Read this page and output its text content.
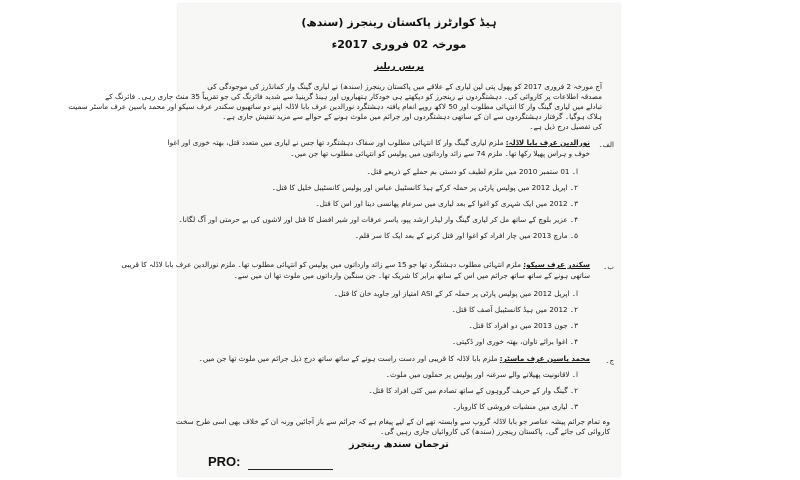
ہیڈ کوارٹرز پاکستان رینجرز (سندھ)
مورخہ 02 فروری 2017ء
پریس ریلیز
آج مورخہ 2 فروری 2017 کو پھول پتی لین لیاری کے علاقے میں پاکستان رینجرز (سندھ) نے لیاری گینگ وار کمانڈرز کی موجودگی کی
مصدقہ اطلاعات پر کاروائی کی۔ دہشتگردوں نے رینجرز کو دیکھتے ہی خودکار ہتھیاروں اور ہینڈ گرینیڈ سے شدید فائرنگ کی جو تقریباً 35 منٹ جاری رہی۔ فائرنگ کے
تبادلے میں لیاری گینگ وار کا انتہائی مطلوب اور 50 لاکھ روپے انعام یافتہ دہشتگرد نورالدین عرف بابا لاڈلہ اپنے دو ساتھیوں سکندر عرف سیکو اور محمد یاسین عرف ماسٹر سمیت
ہلاک ہوگیا۔ گرفتار دہشتگردوں سے ان کے ساتھی دہشتگردوں اور جرائم میں ملوث ہونے کے حوالے سے مزید تفتیش جاری ہے۔
کی تفصیل درج ذیل ہے۔
الف۔
نورالدین عرف بابا لاڈلہ: ملزم لیاری گینگ وار کا انتہائی مطلوب اور سفاک دہشتگرد تھا جس نے لیاری میں متعدد قتل، بھتہ خوری اور اغوا
خوف و ہراس پھیلا رکھا تھا۔ ملزم 74 سے زائد وارداتوں میں پولیس کو انتہائی مطلوب تھا جن میں۔
ا۔ 01 ستمبر 2010 میں ملزم لطیف کو دستی بم حملے کے ذریعے قتل۔
۲۔ اپریل 2012 میں پولیس پارٹی پر حملہ کرکے ہیڈ کانسٹیبل عباس اور پولیس کانسٹیبل خلیل کا قتل۔
۳۔ 2012 میں ایک شہری کو اغوا کے بعد لیاری میں سرعام پھانسی دینا اور اس کا قتل۔
۴۔ عزیر بلوچ کے ساتھ مل کر لیاری گینگ وار لیڈر ارشد پپو، یاسر عرفات اور شیر افضل کا قتل اور لاشوں کی بے حرمتی اور آگ لگانا۔
۵۔ مارچ 2013 میں چار افراد کو اغوا اور قتل کرنے کے بعد ایک کا سر قلم۔
ب۔
سکندر عرف سیکو: ملزم انتہائی مطلوب دہشتگرد تھا جو 15 سے زائد وارداتوں میں پولیس کو انتہائی مطلوب تھا۔ ملزم نورالدین عرف بابا لاڈلہ کا قریبی
ساتھی ہونے کے ساتھ ساتھ جرائم میں اس کے ساتھ برابر کا شریک تھا۔ جن سنگین وارداتوں میں ملوث تھا ان میں سے۔
ا۔ اپریل 2012 میں پولیس پارٹی پر حملہ کر کے ASI امتیاز اور جاوید خان کا قتل۔
۲۔ 2012 میں ہیڈ کانسٹیبل آصف کا قتل۔
۳۔ جون 2013 میں دو افراد کا قتل۔
۴۔ اغوا برائے تاوان، بھتہ خوری اور ڈکیتی۔
ج۔
محمد یاسین عرف ماسٹر: ملزم بابا لاڈلہ کا قریبی اور دست راست ہونے کے ساتھ ساتھ درج ذیل جرائم میں ملوث تھا جن میں۔
ا۔ لاقانونیت پھیلانے والے سرغنہ اور پولیس پر حملوں میں ملوث۔
۲۔ گینگ وار کے حریف گروہوں کے ساتھ تصادم میں کئی افراد کا قتل۔
۳۔ لیاری میں منشیات فروشی کا کاروبار۔
وہ تمام جرائم پیشہ عناصر جو بابا لاڈلہ گروپ سے وابستہ تھے ان کے لیے پیغام ہے کہ جرائم سے باز آجائیں ورنہ ان کے خلاف بھی اسی طرح سخت
کاروائی کی جائے گی۔ پاکستان رینجرز (سندھ) کی کاروائیاں جاری رہیں گی۔
ترجمان سندھ رینجرز
PRO:
